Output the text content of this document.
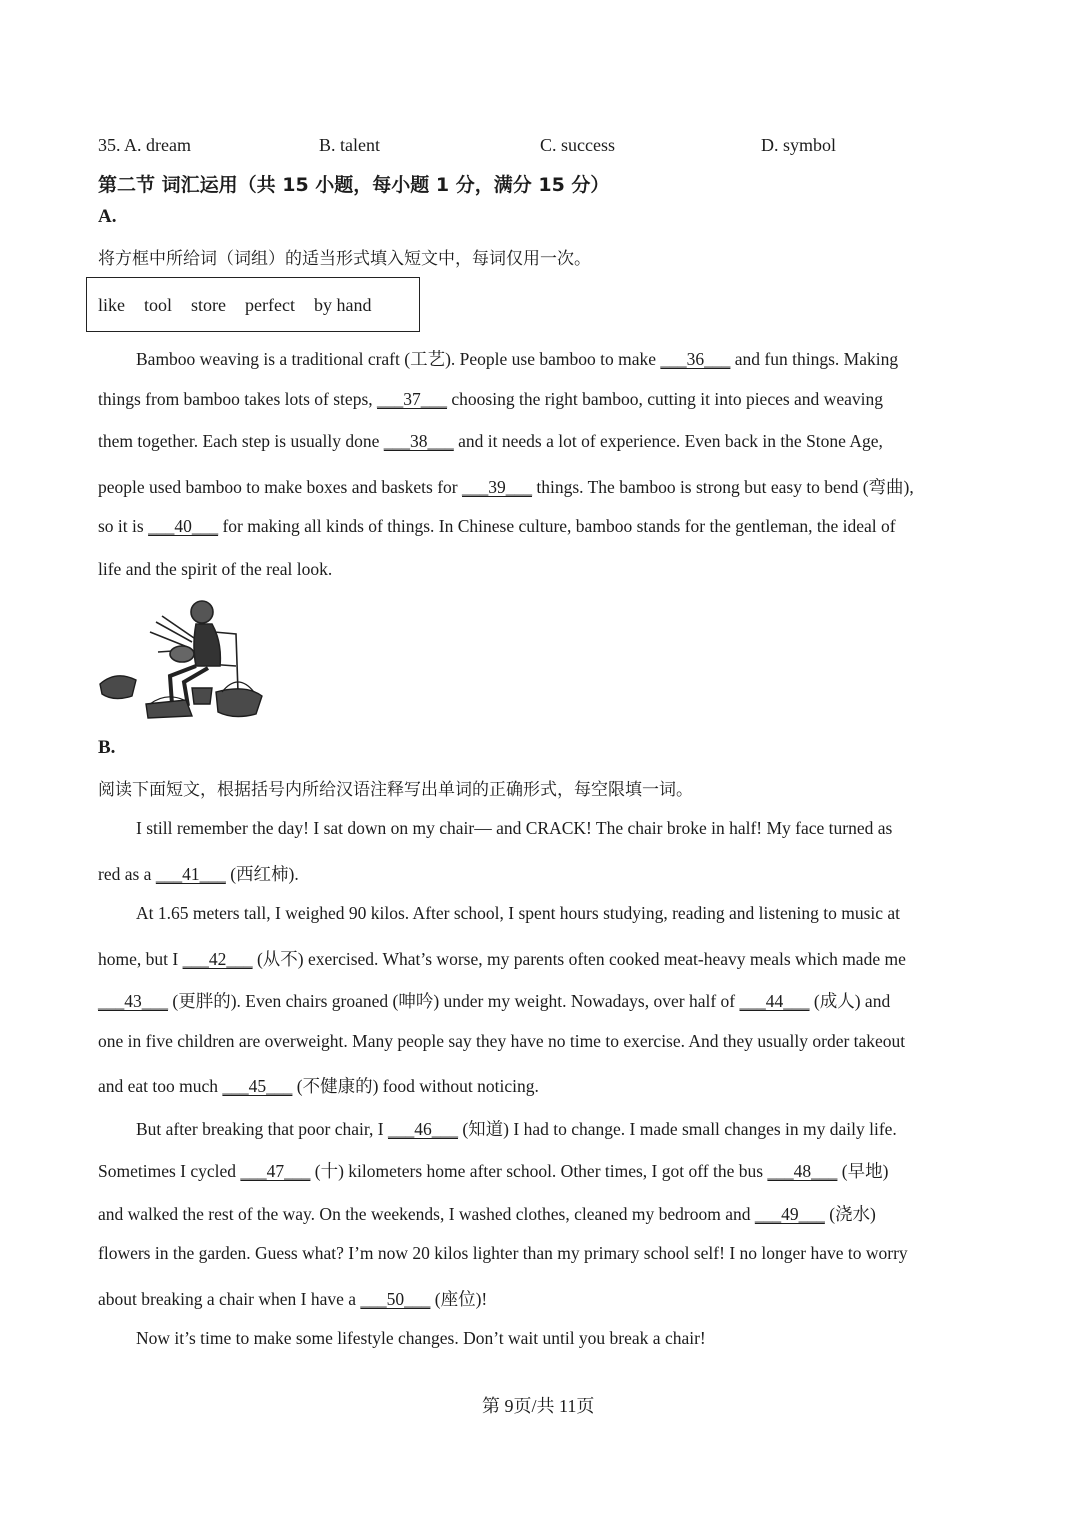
35. A. dream	B. talent	C. success	D. symbol
第二节 词汇运用（共 15 小题，每小题 1 分，满分 15 分）
A.
将方框中所给词（词组）的适当形式填入短文中，每词仅用一次。
like tool store perfect by hand
Bamboo weaving is a traditional craft (工艺). People use bamboo to make ___36___ and fun things. Making
things from bamboo takes lots of steps, ___37___ choosing the right bamboo, cutting it into pieces and weaving
them together. Each step is usually done ___38___ and it needs a lot of experience. Even back in the Stone Age,
people used bamboo to make boxes and baskets for ___39___ things. The bamboo is strong but easy to bend (弯曲),
so it is ___40___ for making all kinds of things. In Chinese culture, bamboo stands for the gentleman, the ideal of
life and the spirit of the real look.
B.
阅读下面短文，根据括号内所给汉语注释写出单词的正确形式，每空限填一词。
I still remember the day! I sat down on my chair— and CRACK! The chair broke in half! My face turned as
red as a ___41___ (西红柿).
At 1.65 meters tall, I weighed 90 kilos. After school, I spent hours studying, reading and listening to music at
home, but I ___42___ (从不) exercised. What’s worse, my parents often cooked meat-heavy meals which made me
___43___ (更胖的). Even chairs groaned (呻吟) under my weight. Nowadays, over half of ___44___ (成人) and
one in five children are overweight. Many people say they have no time to exercise. And they usually order takeout
and eat too much ___45___ (不健康的) food without noticing.
But after breaking that poor chair, I ___46___ (知道) I had to change. I made small changes in my daily life.
Sometimes I cycled ___47___ (十) kilometers home after school. Other times, I got off the bus ___48___ (早地)
and walked the rest of the way. On the weekends, I washed clothes, cleaned my bedroom and ___49___ (浇水)
flowers in the garden. Guess what? I’m now 20 kilos lighter than my primary school self! I no longer have to worry
about breaking a chair when I have a ___50___ (座位)!
Now it’s time to make some lifestyle changes. Don’t wait until you break a chair!
第 9页/共 11页
